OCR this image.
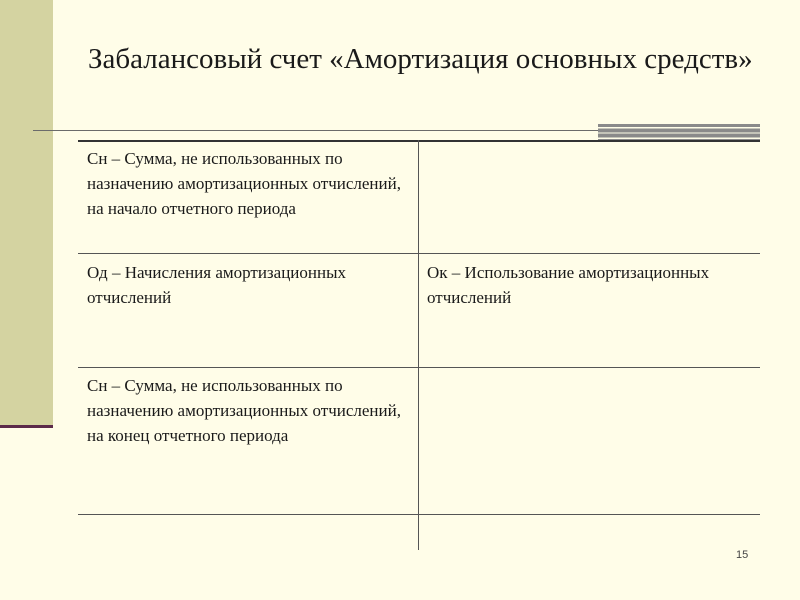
Забалансовый счет «Амортизация основных средств»
Сн – Сумма, не использованных по назначению амортизационных отчислений, на начало отчетного периода
Од – Начисления амортизационных отчислений
Ок – Использование амортизационных отчислений
Сн – Сумма, не использованных по назначению амортизационных отчислений, на конец отчетного периода
15
